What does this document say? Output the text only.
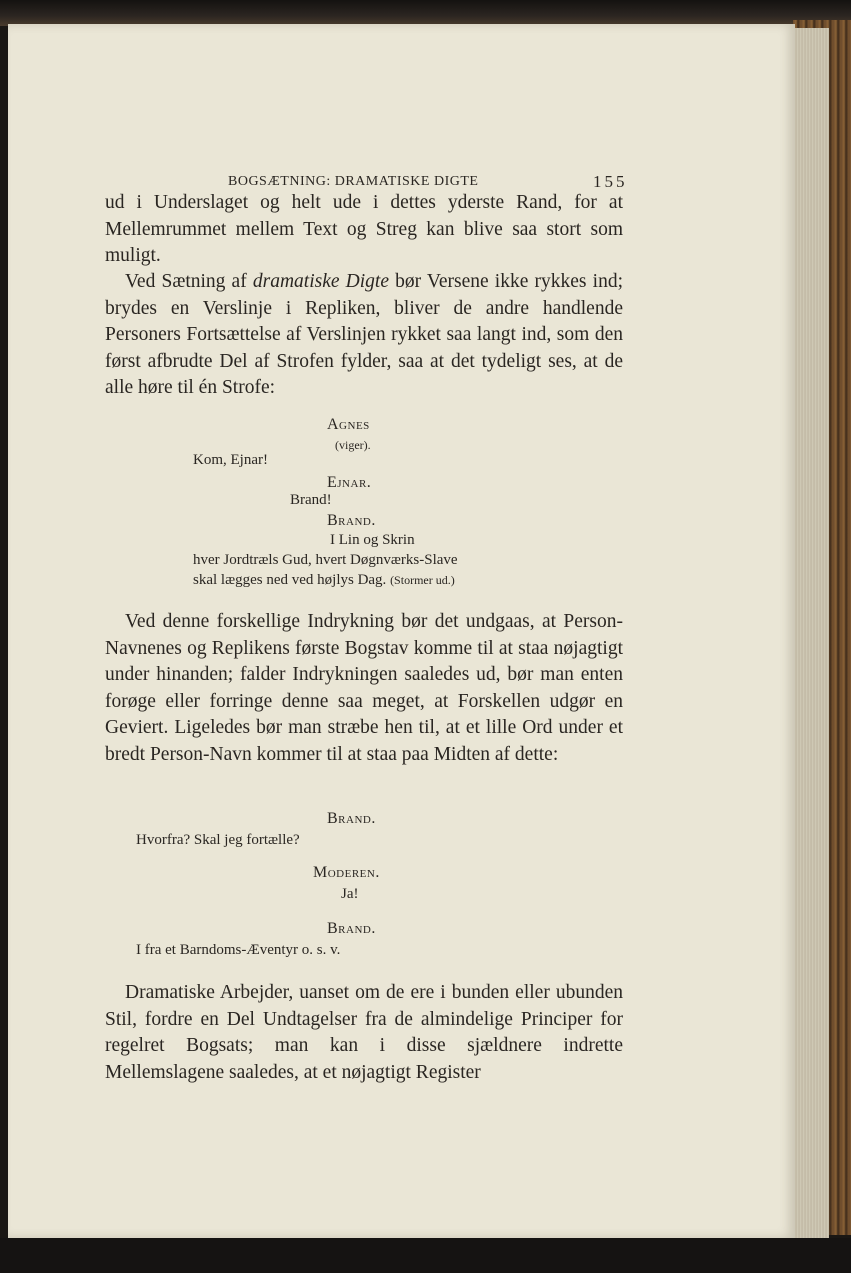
BOGSÆTNING: DRAMATISKE DIGTE	155

ud i Underslaget og helt ude i dettes yderste Rand, for at Mellemrummet mellem Text og Streg kan blive saa stort som muligt.

Ved Sætning af dramatiske Digte bør Versene ikke rykkes ind; brydes en Verslinje i Repliken, bliver de andre handlende Personers Fortsættelse af Verslinjen rykket saa langt ind, som den først afbrudte Del af Strofen fylder, saa at det tydeligt ses, at de alle høre til én Strofe:

Agnes
(viger).
Kom, Ejnar!
Ejnar.
Brand!
Brand.
I Lin og Skrin
hver Jordtræls Gud, hvert Døgnværks-Slave
skal lægges ned ved højlys Dag. (Stormer ud.)

Ved denne forskellige Indrykning bør det undgaas, at Person-Navnenes og Replikens første Bogstav komme til at staa nøjagtigt under hinanden; falder Indrykningen saaledes ud, bør man enten forøge eller forringe denne saa meget, at Forskellen udgør en Geviert. Ligeledes bør man stræbe hen til, at et lille Ord under et bredt Person-Navn kommer til at staa paa Midten af dette:

Brand.
Hvorfra? Skal jeg fortælle?
Moderen.
Ja!
Brand.
I fra et Barndoms-Æventyr o. s. v.

Dramatiske Arbejder, uanset om de ere i bunden eller ubunden Stil, fordre en Del Undtagelser fra de almindelige Principer for regelret Bogsats; man kan i disse sjældnere indrette Mellemslagene saaledes, at et nøjagtigt Register
